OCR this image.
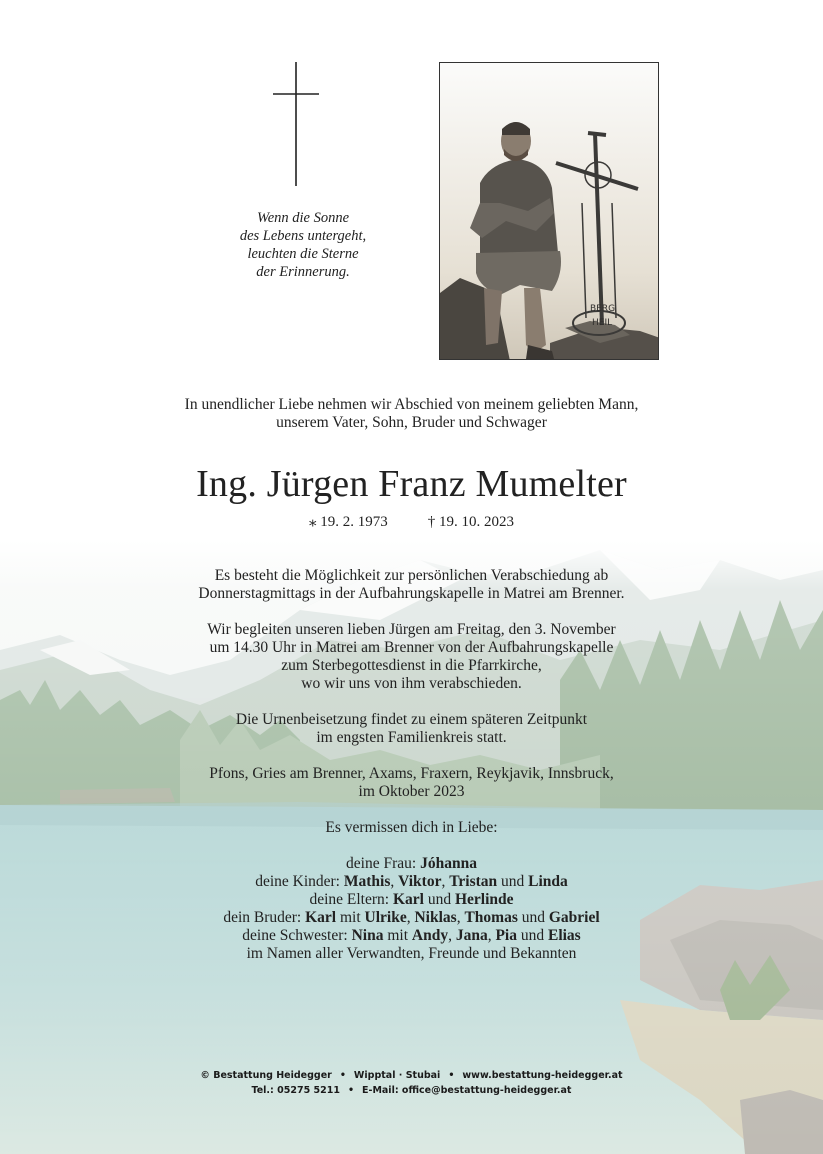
Wenn die Sonne
des Lebens untergeht,
leuchten die Sterne
der Erinnerung.
BERG
HEIL
In unendlicher Liebe nehmen wir Abschied von meinem geliebten Mann,
unserem Vater, Sohn, Bruder und Schwager
Ing. Jürgen Franz Mumelter
⁎ 19. 2. 1973	† 19. 10. 2023

Es besteht die Möglichkeit zur persönlichen Verabschiedung ab
Donnerstagmittags in der Aufbahrungskapelle in Matrei am Brenner.

Wir begleiten unseren lieben Jürgen am Freitag, den 3. November
um 14.30 Uhr in Matrei am Brenner von der Aufbahrungskapelle
zum Sterbegottesdienst in die Pfarrkirche,
wo wir uns von ihm verabschieden.

Die Urnenbeisetzung findet zu einem späteren Zeitpunkt
im engsten Familienkreis statt.

Pfons, Gries am Brenner, Axams, Fraxern, Reykjavik, Innsbruck,
im Oktober 2023

Es vermissen dich in Liebe:

deine Frau: Jóhanna
deine Kinder: Mathis, Viktor, Tristan und Linda
deine Eltern: Karl und Herlinde
dein Bruder: Karl mit Ulrike, Niklas, Thomas und Gabriel
deine Schwester: Nina mit Andy, Jana, Pia und Elias
im Namen aller Verwandten, Freunde und Bekannten
© Bestattung Heidegger • Wipptal · Stubai • www.bestattung-heidegger.at
Tel.: 05275 5211 • E-Mail: office@bestattung-heidegger.at
